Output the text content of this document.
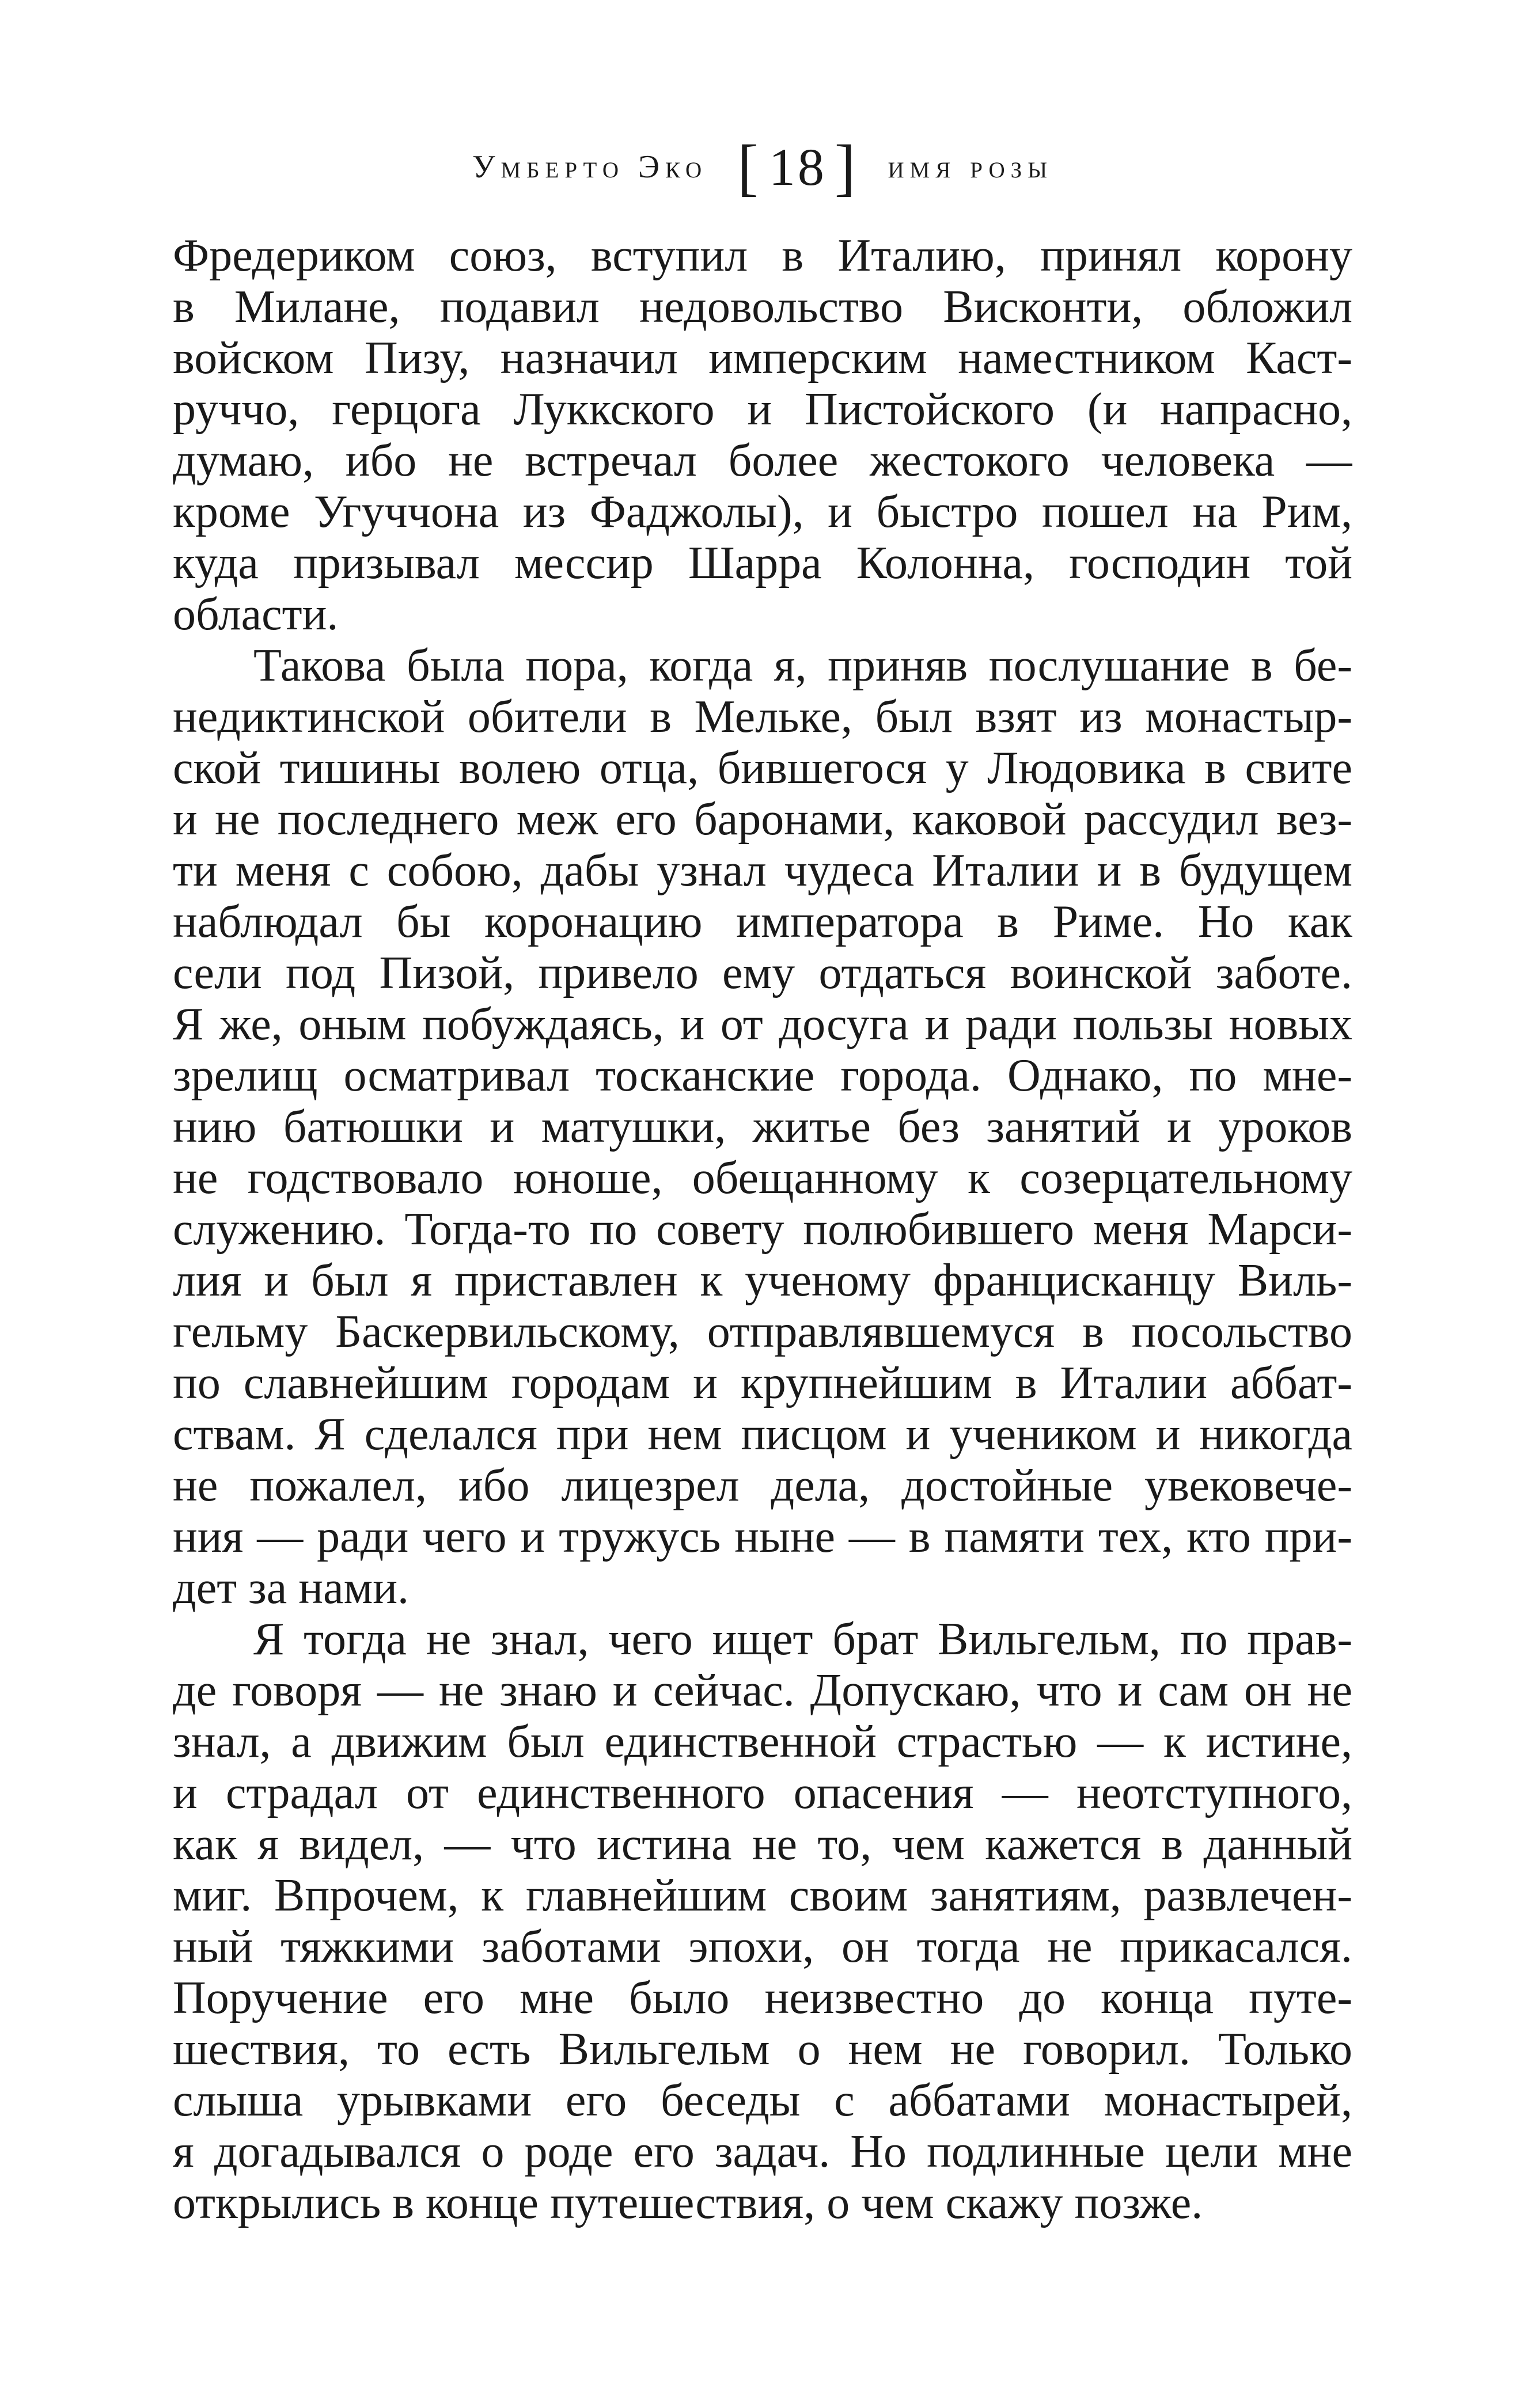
Умберто Эко [ 18 ] имя розы
Фредериком союз, вступил в Италию, принял корону
в Милане, подавил недовольство Висконти, обложил
войском Пизу, назначил имперским наместником Каст-
руччо, герцога Луккского и Пистойского (и напрасно,
думаю, ибо не встречал более жестокого человека —
кроме Угуччона из Фаджолы), и быстро пошел на Рим,
куда призывал мессир Шарра Колонна, господин той
области.
Такова была пора, когда я, приняв послушание в бе-
недиктинской обители в Мельке, был взят из монастыр-
ской тишины волею отца, бившегося у Людовика в свите
и не последнего меж его баронами, каковой рассудил вез-
ти меня с собою, дабы узнал чудеса Италии и в будущем
наблюдал бы коронацию императора в Риме. Но как
сели под Пизой, привело ему отдаться воинской заботе.
Я же, оным побуждаясь, и от досуга и ради пользы новых
зрелищ осматривал тосканские города. Однако, по мне-
нию батюшки и матушки, житье без занятий и уроков
не годствовало юноше, обещанному к созерцательному
служению. Тогда-то по совету полюбившего меня Марси-
лия и был я приставлен к ученому францисканцу Виль-
гельму Баскервильскому, отправлявшемуся в посольство
по славнейшим городам и крупнейшим в Италии аббат-
ствам. Я сделался при нем писцом и учеником и никогда
не пожалел, ибо лицезрел дела, достойные увековече-
ния — ради чего и тружусь ныне — в памяти тех, кто при-
дет за нами.
Я тогда не знал, чего ищет брат Вильгельм, по прав-
де говоря — не знаю и сейчас. Допускаю, что и сам он не
знал, а движим был единственной страстью — к истине,
и страдал от единственного опасения — неотступного,
как я видел, — что истина не то, чем кажется в данный
миг. Впрочем, к главнейшим своим занятиям, развлечен-
ный тяжкими заботами эпохи, он тогда не прикасался.
Поручение его мне было неизвестно до конца путе-
шествия, то есть Вильгельм о нем не говорил. Только
слыша урывками его беседы с аббатами монастырей,
я догадывался о роде его задач. Но подлинные цели мне
открылись в конце путешествия, о чем скажу позже.
